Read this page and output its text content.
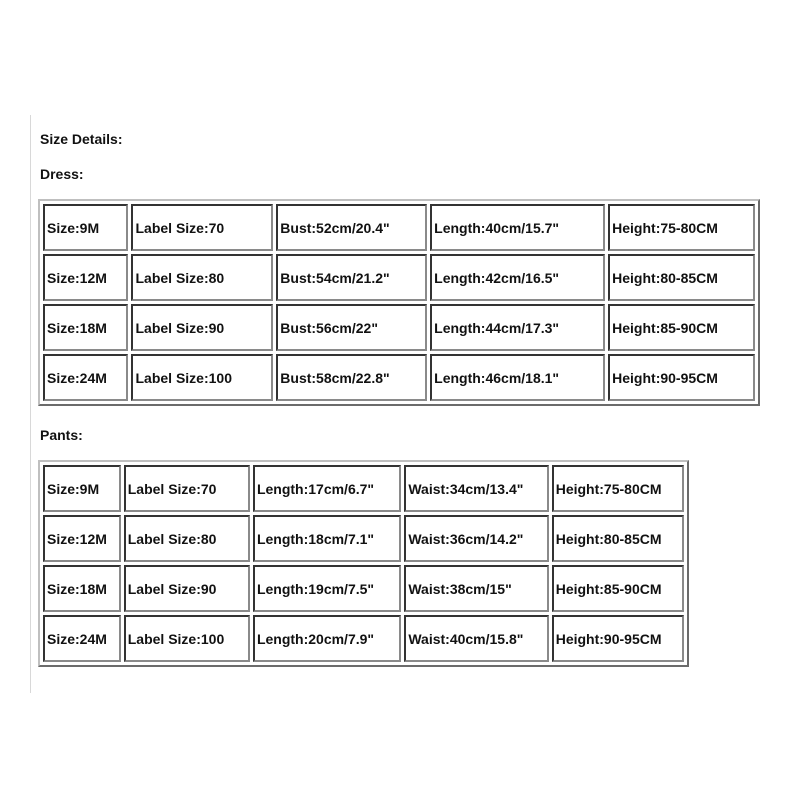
Size Details:

Dress:

Size:9M	Label Size:70	Bust:52cm/20.4"	Length:40cm/15.7"	Height:75-80CM
Size:12M	Label Size:80	Bust:54cm/21.2"	Length:42cm/16.5"	Height:80-85CM
Size:18M	Label Size:90	Bust:56cm/22"	Length:44cm/17.3"	Height:85-90CM
Size:24M	Label Size:100	Bust:58cm/22.8"	Length:46cm/18.1"	Height:90-95CM

Pants:

Size:9M	Label Size:70	Length:17cm/6.7"	Waist:34cm/13.4"	Height:75-80CM
Size:12M	Label Size:80	Length:18cm/7.1"	Waist:36cm/14.2"	Height:80-85CM
Size:18M	Label Size:90	Length:19cm/7.5"	Waist:38cm/15"	Height:85-90CM
Size:24M	Label Size:100	Length:20cm/7.9"	Waist:40cm/15.8"	Height:90-95CM
